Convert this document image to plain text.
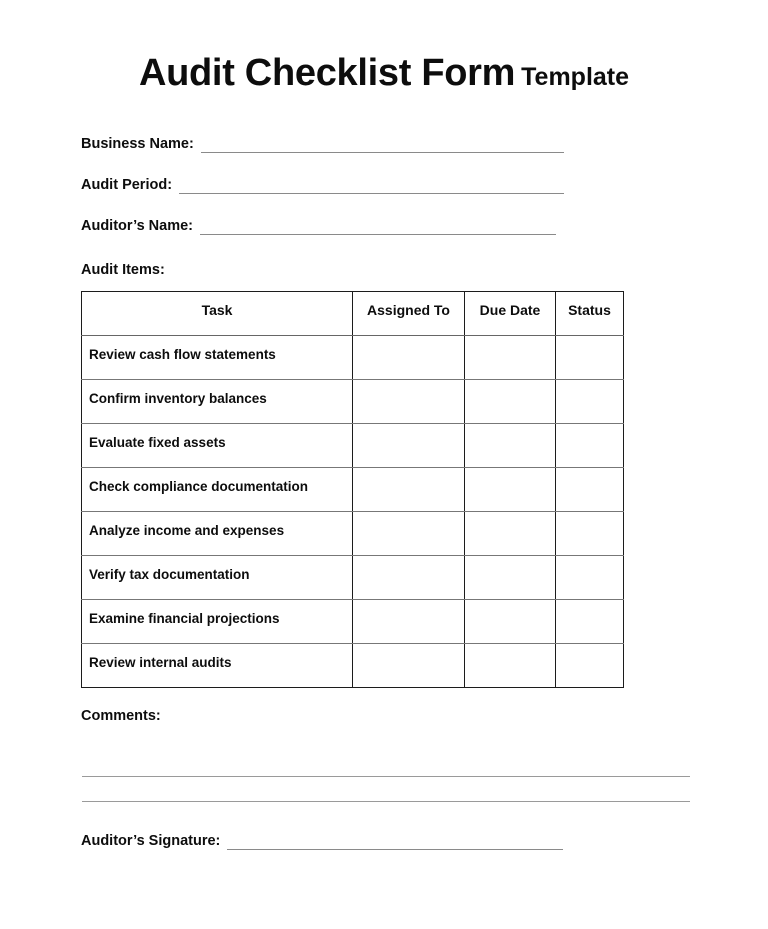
Audit Checklist Form Template
Business Name:
Audit Period:
Auditor’s Name:
Audit Items:
Task	Assigned To	Due Date	Status

Review cash flow statements			

Confirm inventory balances			

Evaluate fixed assets			

Check compliance documentation			

Analyze income and expenses			

Verify tax documentation			

Examine financial projections			

Review internal audits			

Comments:
Auditor’s Signature:
